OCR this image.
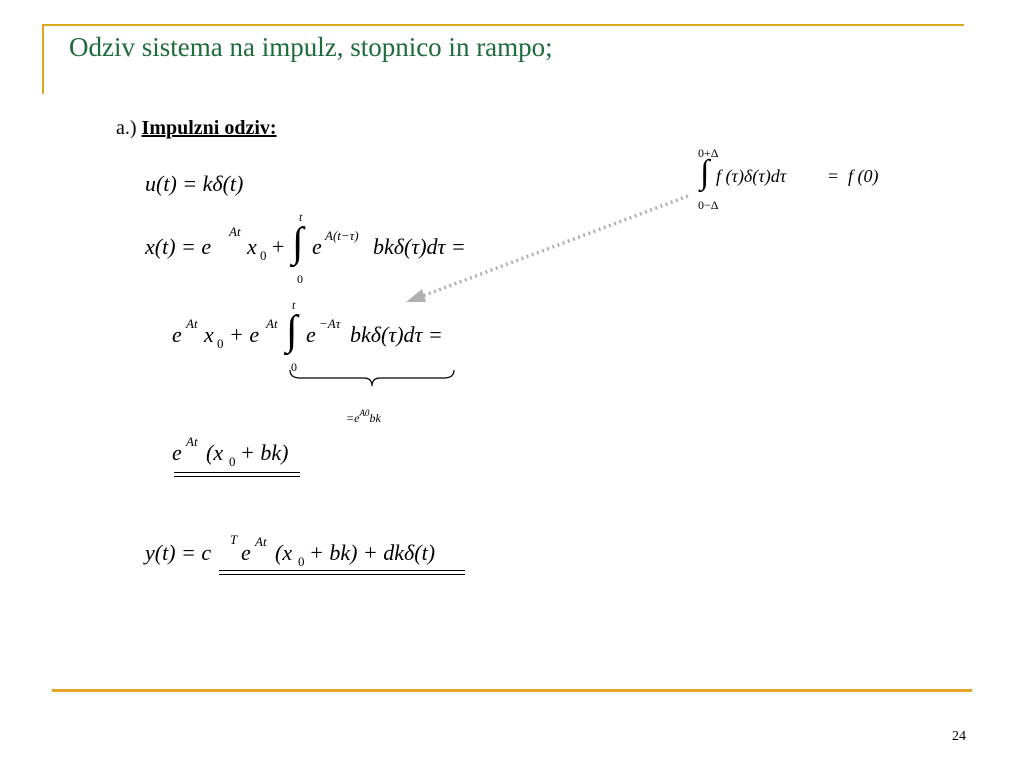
Odziv sistema na impulz, stopnico in rampo;
a.) Impulzni odziv:
0+Δ
∫
0−Δ
f (τ)δ(τ)dτ = f (0)
u(t) = kδ(t)
x(t) = e
At
x 0 +
t
∫
0
e A(t−τ) bkδ(τ)dτ =
e At x 0 + e At
t
∫
0
e −Aτ bkδ(τ)dτ =
$=e^{A0}bk$
e At (x 0 + bk)
y(t) = c
T
e At (x 0 + bk) + dkδ(t)
24
